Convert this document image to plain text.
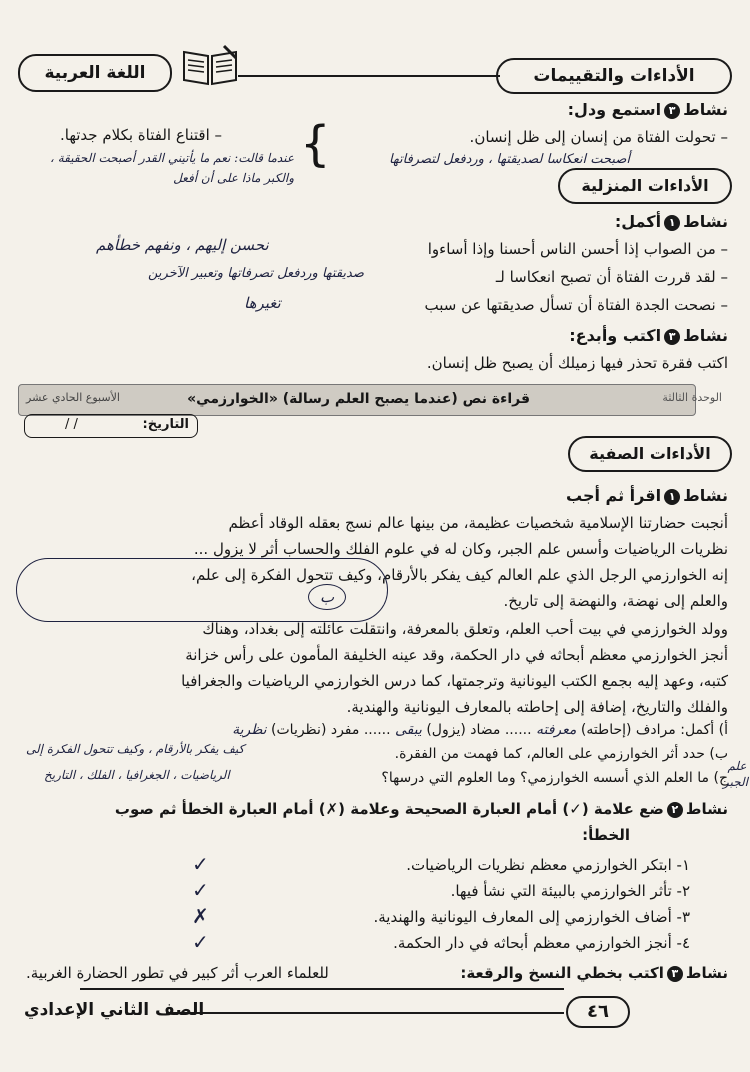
الأداءات والتقييمات
اللغة العربية
نشاط٣استمع ودل:
– تحولت الفتاة من إنسان إلى ظل إنسان.
أصبحت انعكاسا لصديقتها ، وردفعل لتصرفاتها
}
– اقتناع الفتاة بكلام جدتها.
عندما قالت: نعم ما يأتيني القدر أصبحت الحقيقة ، والكبر ماذا على أن أفعل	الأداءات المنزلية
نشاط١أكمل:
– من الصواب إذا أحسن الناس أحسنا وإذا أساءوا
نحسن إليهم ، ونفهم خطأهم
– لقد قررت الفتاة أن تصبح انعكاسا لـ
صديقتها وردفعل تصرفاتها وتعبير الآخرين
– نصحت الجدة الفتاة أن تسأل صديقتها عن سبب
تغيرها
نشاط٣اكتب وأبدع:
اكتب فقرة تحذر فيها زميلك أن يصبح ظل إنسان.
الوحدة الثالثة
قراءة نص (عندما يصبح العلم رسالة) «الخوارزمي»
الأسبوع الحادي عشر
التاريخ:
/ /
الأداءات الصفية
نشاط١اقرأ ثم أجب
أنجبت حضارتنا الإسلامية شخصيات عظيمة، من بينها عالم نسج بعقله الوقاد أعظم
نظريات الرياضيات وأسس علم الجبر، وكان له في علوم الفلك والحساب أثر لا يزول ...
إنه الخوارزمي الرجل الذي علم العالم كيف يفكر بالأرقام، وكيف تتحول الفكرة إلى علم،
والعلم إلى نهضة، والنهضة إلى تاريخ.
ب
وولد الخوارزمي في بيت أحب العلم، وتعلق بالمعرفة، وانتقلت عائلته إلى بغداد، وهناك
أنجز الخوارزمي معظم أبحاثه في دار الحكمة، وقد عينه الخليفة المأمون على رأس خزانة
كتبه، وعهد إليه بجمع الكتب اليونانية وترجمتها، كما درس الخوارزمي الرياضيات والجغرافيا
والفلك والتاريخ، إضافة إلى إحاطته بالمعارف اليونانية والهندية.
أ) أكمل: مرادف (إحاطته) معرفته ...... مضاد (يزول) يبقى ...... مفرد (نظريات) نظرية
ب) حدد أثر الخوارزمي على العالم، كما فهمت من الفقرة.
كيف يفكر بالأرقام ، وكيف تتحول الفكرة إلى
ج) ما العلم الذي أسسه الخوارزمي؟ وما العلوم التي درسها؟
الرياضيات ، الجغرافيا ، الفلك ، التاريخ
علم الجبر
نشاط٢ضع علامة (✓) أمام العبارة الصحيحة وعلامة (✗) أمام العبارة الخطأ ثم صوب
الخطأ:
١- ابتكر الخوارزمي معظم نظريات الرياضيات.
✓
٢- تأثر الخوارزمي بالبيئة التي نشأ فيها.
✓
٣- أضاف الخوارزمي إلى المعارف اليونانية والهندية.
✗
٤- أنجز الخوارزمي معظم أبحاثه في دار الحكمة.
✓
نشاط٣اكتب بخطي النسخ والرقعة:
للعلماء العرب أثر كبير في تطور الحضارة الغربية.
٤٦
الصف الثاني الإعدادي
